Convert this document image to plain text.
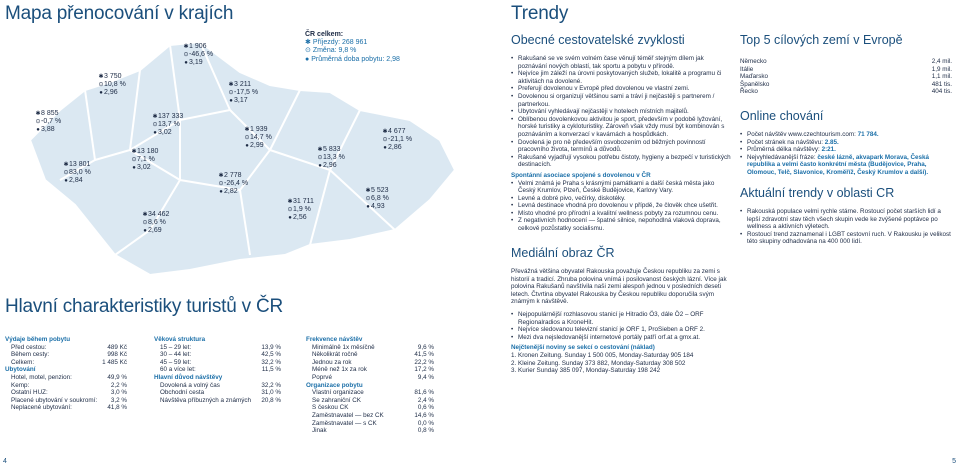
Mapa přenocování v krajích
✱8 855
⊙-0,7 %
●3,88
✱3 750
⊙10,8 %
●2,96
✱1 906
⊙-46,6 %
●3,19
✱3 211
⊙-17,5 %
●3,17
✱137 333
⊙13,7 %
●3,02
✱13 180
⊙7,1 %
●3,02
✱13 801
⊙83,0 %
●2,84
✱1 939
⊙14,7 %
●2,99
✱2 778
⊙-26,4 %
●2,82
✱34 462
⊙8,6 %
●2,69
✱31 711
⊙1,9 %
●2,56
✱5 833
⊙13,3 %
●2,96
✱4 677
⊙-21,1 %
●2,86
✱5 523
⊙6,8 %
●4,93
ČR celkem:
✱ Příjezdy: 268 961
⊙ Změna: 9,8 %
● Průměrná doba pobytu: 2,98
Hlavní charakteristiky turistů v ČR
Výdaje během pobytu
Před cestou:	489 Kč
Během cesty:	998 Kč
Celkem:	1 485 Kč
Ubytování
Hotel, motel, penzion:	49,9 %
Kemp:	2,2 %
Ostatní HUZ:	3,0 %
Placené ubytování v soukromí: 3,2 %
Neplacené ubytování:	41,8 %
Věková struktura
15 – 29 let:	13,9 %
30 – 44 let:	42,5 %
45 – 59 let:	32,2 %
60 a více let:	11,5 %
Hlavní důvod návštěvy
Dovolená a volný čas	32,2 %
Obchodní cesta	31,0 %
Návštěva příbuzných a známých 20,8 %
Frekvence návštěv
Minimálně 1x měsíčně	9,6 %
Několikrát ročně	41,5 %
Jednou za rok	22,2 %
Méně než 1x za rok	17,2 %
Poprvé	9,4 %
Organizace pobytu
Vlastní organizace	81,6 %
Se zahraniční CK	2,4 %
S českou CK	0,6 %
Zaměstnavatel — bez CK	14,6 %
Zaměstnavatel — s CK	0,0 %
Jinak	0,8 %
Trendy
Obecné cestovatelské zvyklosti
• Rakušané se ve svém volném čase věnují téměř stejným dílem jak poznávání nových oblastí, tak sportu a pobytu v přírodě.
• Nejvíce jim záleží na úrovni poskytovaných služeb, lokalitě a programu či aktivitách na dovolené.
• Preferují dovolenou v Evropě před dovolenou ve vlastní zemi.
• Dovolenou si organizují většinou sami a tráví ji nejčastěji s partnerem / partnerkou.
• Ubytování vyhledávají nejčastěji v hotelech místních majitelů.
• Oblíbenou dovolenkovou aktivitou je sport, především v podobě lyžování, horské turistiky a cykloturistiky. Zároveň však vždy musí být kombinován s poznáváním a konverzací v kavárnách a hospůdkách.
• Dovolená je pro ně především osvobozením od běžných povinností pracovního života, termínů a důvodů.
• Rakušané vyjadřují vysokou potřebu čistoty, hygieny a bezpečí v turistických destinacích.
Spontánní asociace spojené s dovolenou v ČR
• Velmi známá je Praha s krásnými památkami a další česká města jako Český Krumlov, Plzeň, České Budějovice, Karlovy Vary.
• Levné a dobré pivo, večírky, diskotéky.
• Levná destinace vhodná pro dovolenou v přípdě, že člověk chce ušetřit.
• Místo vhodné pro přírodní a kvalitní wellness pobyty za rozumnou cenu.
• Z negativních hodnocení — špatné silnice, nepohodlná vlaková doprava, celkově pozůstatky socialismu.
Mediální obraz ČR
Převážná většina obyvatel Rakouska považuje Českou republiku za zemi s historií a tradicí. Zhruba polovina vnímá i posilovanost českých lázní. Více jak polovina Rakušanů navštívila naši zemi alespoň jednou v posledních deseti letech. Čtvrtina obyvatel Rakouska by Českou republiku doporučila svým známým k návštěvě.
• Nejpopulárnější rozhlasovou stanicí je Hitradio Ö3, dále Ö2 – ORF Regionalradios a KroneHit.
• Nejvíce sledovanou televizní stanicí je ORF 1, ProSieben a ORF 2.
• Mezi dva nejsledovanější internetové portály patří orf.at a gmx.at.
Nejčtenější noviny se sekcí o cestování (náklad)
1. Kronen Zeitung. Sunday 1 500 005, Monday-Saturday 905 184
2. Kleine Zeitung. Sunday 373 882, Monday-Saturday 308 502
3. Kurier Sunday 385 097, Monday-Saturday 198 242
Top 5 cílových zemí v Evropě
Německo	2,4 mil.
Itálie	1,9 mil.
Maďarsko	1,1 mil.
Španělsko	481 tis.
Řecko	404 tis.
Online chování
• Počet návštěv www.czechtourism.com: 71 784.
• Počet stránek na návštěvu: 2.85.
• Průměrná délka návštěvy: 2:21.
• Nejvyhledávanější fráze: české lázně, akvapark Morava, Česká republika a velmi často konkrétní města (Budějovice, Praha, Olomouc, Telč, Slavonice, Kroměříž, Český Krumlov a další).
Aktuální trendy v oblasti CR
• Rakouská populace velmi rychle stárne. Rostoucí počet starších lidí a lepší zdravotní stav těch všech skupin vede ke zvýšené poptávce po wellness a aktivních výletech.
• Rostoucí trend zaznamenal i LGBT cestovní ruch. V Rakousku je velikost této skupiny odhadována na 400 000 lidí.
4	5
